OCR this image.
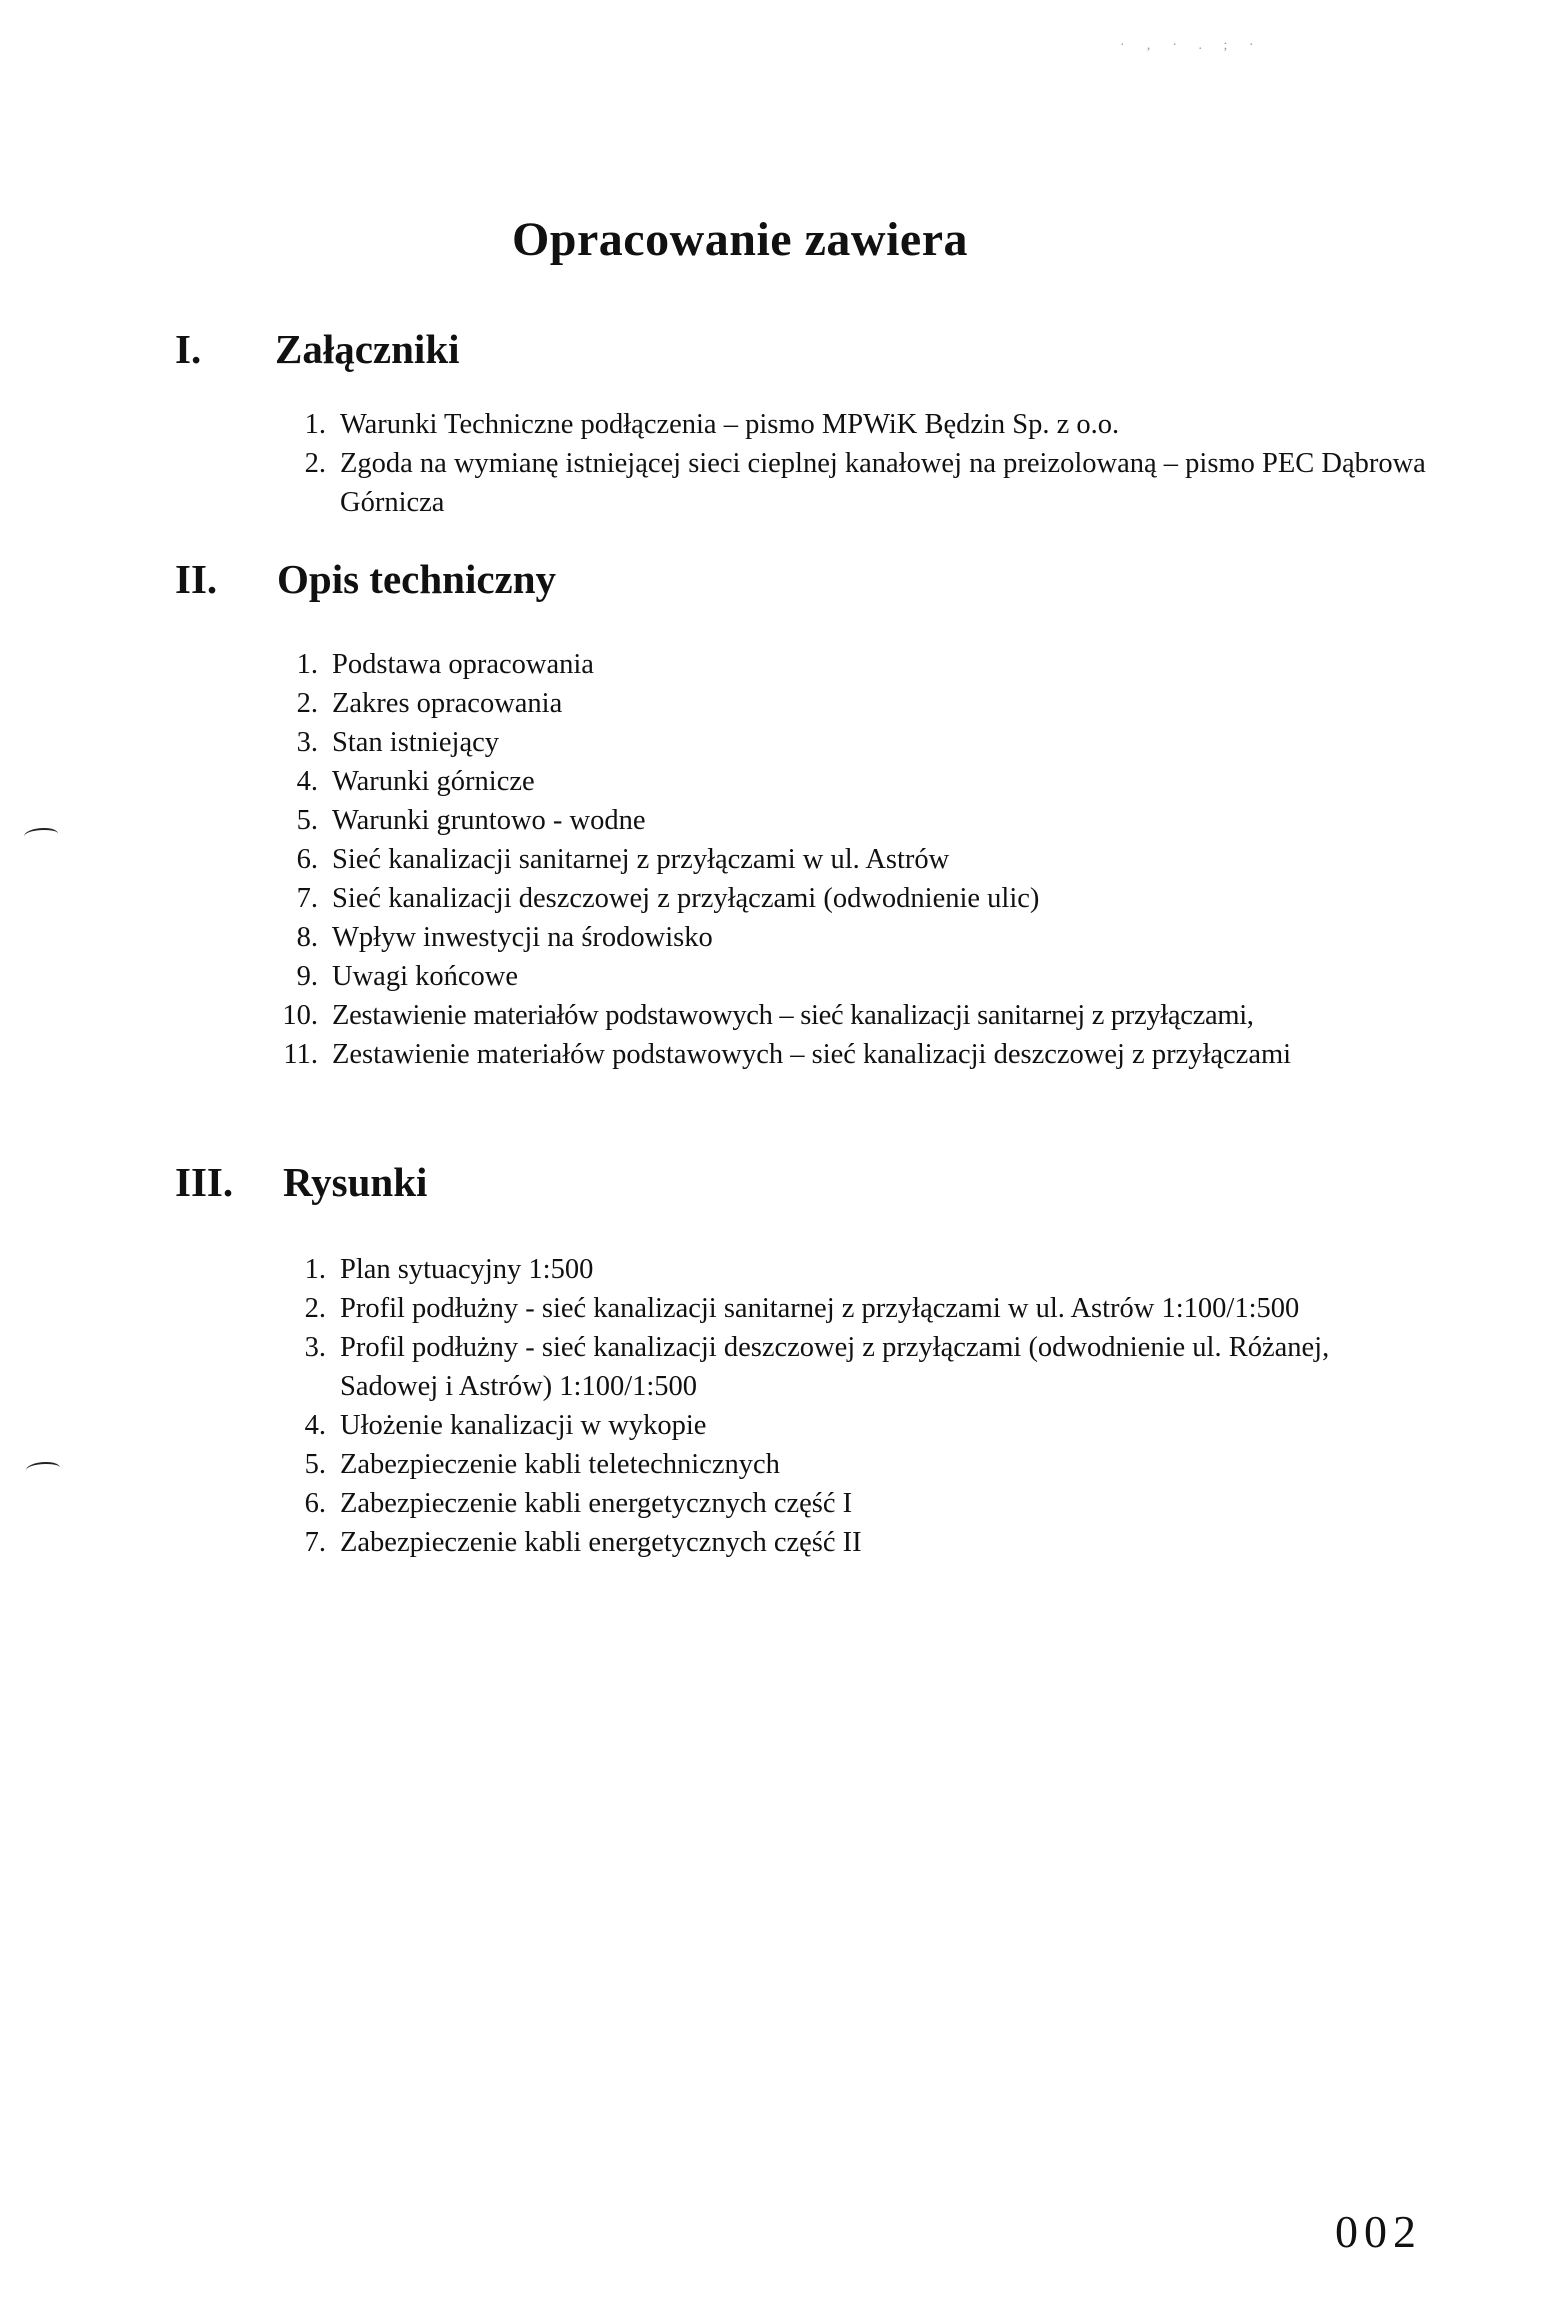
· ‚ · . ; ·
Opracowanie zawiera
I. Załączniki
1. Warunki Techniczne podłączenia – pismo MPWiK Będzin Sp. z o.o.
2. Zgoda na wymianę istniejącej sieci cieplnej kanałowej na preizolowaną – pismo PEC Dąbrowa Górnicza
II. Opis techniczny
1. Podstawa opracowania
2. Zakres opracowania
3. Stan istniejący
4. Warunki górnicze
5. Warunki gruntowo - wodne
6. Sieć kanalizacji sanitarnej z przyłączami w ul. Astrów
7. Sieć kanalizacji deszczowej z przyłączami (odwodnienie ulic)
8. Wpływ inwestycji na środowisko
9. Uwagi końcowe
10. Zestawienie materiałów podstawowych – sieć kanalizacji sanitarnej z przyłączami,
11. Zestawienie materiałów podstawowych – sieć kanalizacji deszczowej z przyłączami
III. Rysunki
1. Plan sytuacyjny 1:500
2. Profil podłużny - sieć kanalizacji sanitarnej z przyłączami w ul. Astrów 1:100/1:500
3. Profil podłużny - sieć kanalizacji deszczowej z przyłączami (odwodnienie ul. Różanej, Sadowej i Astrów) 1:100/1:500
4. Ułożenie kanalizacji w wykopie
5. Zabezpieczenie kabli teletechnicznych
6. Zabezpieczenie kabli energetycznych część I
7. Zabezpieczenie kabli energetycznych część II
002
